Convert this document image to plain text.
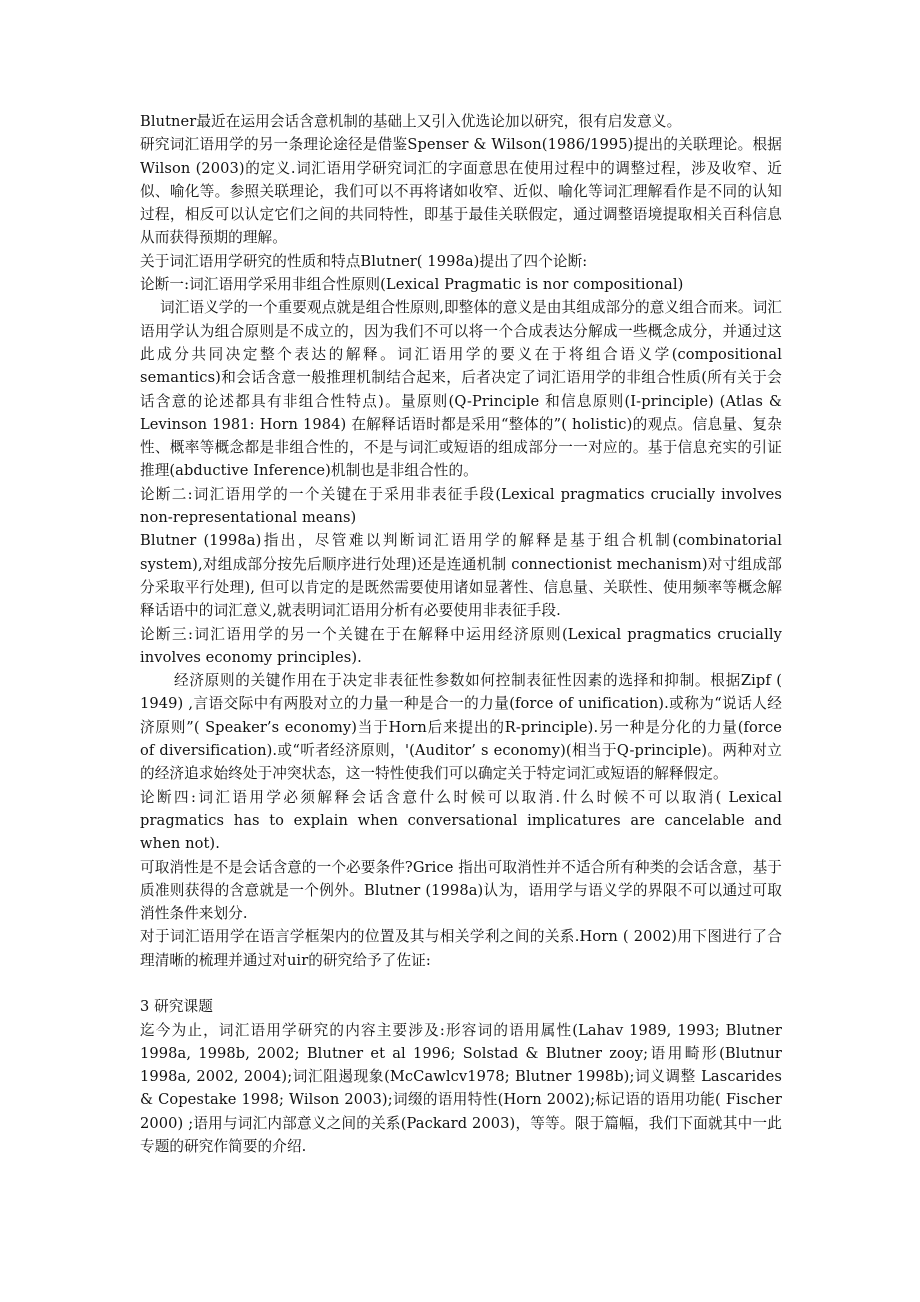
Blutner最近在运用会话含意机制的基础上又引入优选论加以研究，很有启发意义。

研究词汇语用学的另一条理论途径是借鉴Spenser & Wilson(1986/1995)提出的关联理论。根据Wilson (2003)的定义.词汇语用学研究词汇的字面意思在使用过程中的调整过程，涉及收窄、近似、喻化等。参照关联理论，我们可以不再将诸如收窄、近似、喻化等词汇理解看作是不同的认知过程，相反可以认定它们之间的共同特性，即基于最佳关联假定，通过调整语境提取相关百科信息从而获得预期的理解。

关于词汇语用学研究的性质和特点Blutner( 1998a)提出了四个论断:

论断一:词汇语用学采用非组合性原则(Lexical Pragmatic is nor compositional)

词汇语义学的一个重要观点就是组合性原则,即整体的意义是由其组成部分的意义组合而来。词汇语用学认为组合原则是不成立的，因为我们不可以将一个合成表达分解成一些概念成分，并通过这此成分共同决定整个表达的解释。词汇语用学的要义在于将组合语义学(compositional semantics)和会话含意一般推理机制结合起来，后者决定了词汇语用学的非组合性质(所有关于会话含意的论述都具有非组合性特点)。量原则(Q-Principle 和信息原则(I-principle) (Atlas & Levinson 1981: Horn 1984) 在解释话语时都是采用“整体的”( holistic)的观点。信息量、复杂性、概率等概念都是非组合性的，不是与词汇或短语的组成部分一一对应的。基于信息充实的引证推理(abductive Inference)机制也是非组合性的。

论断二:词汇语用学的一个关键在于采用非表征手段(Lexical pragmatics crucially involves non-representational means)

Blutner (1998a)指出，尽管难以判断词汇语用学的解释是基于组合机制(combinatorial system),对组成部分按先后顺序进行处理)还是连通机制 connectionist mechanism)对寸组成部分采取平行处理), 但可以肯定的是既然需要使用诸如显著性、信息量、关联性、使用频率等概念解释话语中的词汇意义,就表明词汇语用分析有必要使用非表征手段.

论断三:词汇语用学的另一个关键在于在解释中运用经济原则(Lexical pragmatics crucially involves economy principles).

经济原则的关键作用在于决定非表征性参数如何控制表征性因素的选择和抑制。根据Zipf ( 1949) ,言语交际中有两股对立的力量一种是合一的力量(force of unification).或称为“说话人经济原则”( Speaker’s economy)当于Horn后来提出的R-principle).另一种是分化的力量(force of diversification).或“听者经济原则，'(Auditor’ s economy)(相当于Q-principle)。两种对立的经济追求始终处于冲突状态，这一特性使我们可以确定关于特定词汇或短语的解释假定。

论断四:词汇语用学必须解释会话含意什么时候可以取消.什么时候不可以取消( Lexical pragmatics has to explain when conversational implicatures are cancelable and when not).

可取消性是不是会话含意的一个必要条件?Grice 指出可取消性并不适合所有种类的会话含意，基于质准则获得的含意就是一个例外。Blutner (1998a)认为，语用学与语义学的界限不可以通过可取消性条件来划分.

对于词汇语用学在语言学框架内的位置及其与相关学利之间的关系.Horn ( 2002)用下图进行了合理清晰的梳理并通过对uir的研究给予了佐证:

3 研究课题

迄今为止，词汇语用学研究的内容主要涉及:形容词的语用属性(Lahav 1989, 1993; Blutner 1998a, 1998b, 2002; Blutner et al 1996; Solstad & Blutner zooy;语用畸形(Blutnur 1998a, 2002, 2004);词汇阻遏现象(McCawlcv1978; Blutner 1998b);词义调整 Lascarides & Copestake 1998; Wilson 2003);词缀的语用特性(Horn 2002);标记语的语用功能( Fischer 2000) ;语用与词汇内部意义之间的关系(Packard 2003)，等等。限于篇幅，我们下面就其中一此专题的研究作简要的介绍.
